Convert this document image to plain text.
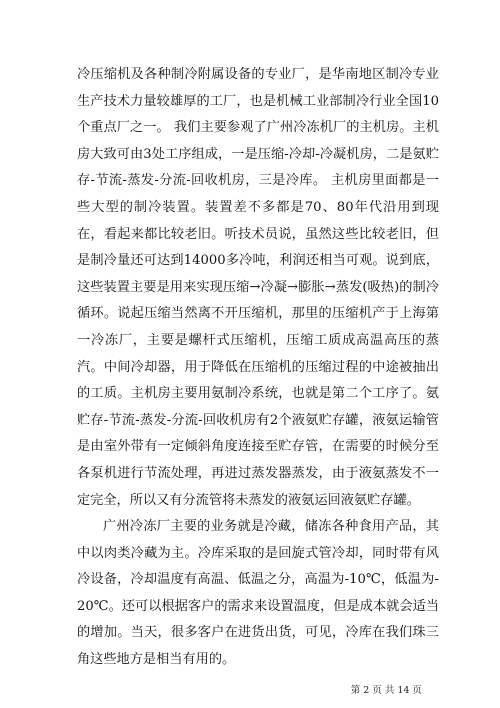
冷压缩机及各种制冷附属设备的专业厂，是华南地区制冷专业生产技术力量较雄厚的工厂，也是机械工业部制冷行业全国10个重点厂之一。 我们主要参观了广州冷冻机厂的主机房。主机房大致可由3处工序组成，一是压缩-冷却-冷凝机房，二是氨贮存-节流-蒸发-分流-回收机房，三是冷库。 主机房里面都是一些大型的制冷装置。装置差不多都是70、80年代沿用到现在，看起来都比较老旧。听技术员说，虽然这些比较老旧，但是制冷量还可达到14000多冷吨，利润还相当可观。说到底，这些装置主要是用来实现压缩→冷凝→膨胀→蒸发(吸热)的制冷循环。说起压缩当然离不开压缩机，那里的压缩机产于上海第一冷冻厂，主要是螺杆式压缩机，压缩工质成高温高压的蒸汽。中间冷却器，用于降低在压缩机的压缩过程的中途被抽出的工质。主机房主要用氨制冷系统，也就是第二个工序了。氨贮存-节流-蒸发-分流-回收机房有2个液氨贮存罐，液氨运输管是由室外带有一定倾斜角度连接至贮存管，在需要的时候分至各泵机进行节流处理，再进过蒸发器蒸发，由于液氨蒸发不一定完全，所以又有分流管将未蒸发的液氨运回液氨贮存罐。

广州冷冻厂主要的业务就是冷藏，储冻各种食用产品，其中以肉类冷藏为主。冷库采取的是回旋式管冷却，同时带有风冷设备，冷却温度有高温、低温之分，高温为-10℃，低温为-20℃。还可以根据客户的需求来设置温度，但是成本就会适当的增加。当天，很多客户在进货出货，可见，冷库在我们珠三角这些地方是相当有用的。

第 2 页 共 14 页
